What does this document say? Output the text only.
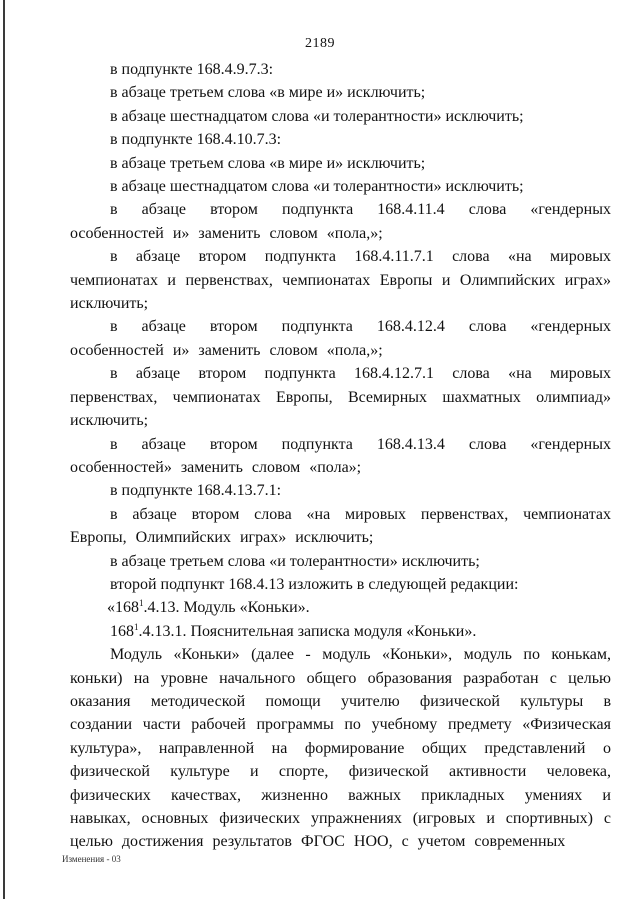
2189

в подпункте 168.4.9.7.3:

в абзаце третьем слова «в мире и» исключить;

в абзаце шестнадцатом слова «и толерантности» исключить;

в подпункте 168.4.10.7.3:

в абзаце третьем слова «в мире и» исключить;

в абзаце шестнадцатом слова «и толерантности» исключить;

в абзаце втором подпункта 168.4.11.4 слова «гендерных особенностей и» заменить словом «пола,»;

в абзаце втором подпункта 168.4.11.7.1 слова «на мировых чемпионатах и первенствах, чемпионатах Европы и Олимпийских играх» исключить;

в абзаце втором подпункта 168.4.12.4 слова «гендерных особенностей и» заменить словом «пола,»;

в абзаце втором подпункта 168.4.12.7.1 слова «на мировых первенствах, чемпионатах Европы, Всемирных шахматных олимпиад» исключить;

в абзаце втором подпункта 168.4.13.4 слова «гендерных особенностей» заменить словом «пола»;

в подпункте 168.4.13.7.1:

в абзаце втором слова «на мировых первенствах, чемпионатах Европы, Олимпийских играх» исключить;

в абзаце третьем слова «и толерантности» исключить;

второй подпункт 168.4.13 изложить в следующей редакции:

«$168^1.4.13$. Модуль «Коньки».

$168^1.4.13.1$. Пояснительная записка модуля «Коньки».

Модуль «Коньки» (далее - модуль «Коньки», модуль по конькам, коньки) на уровне начального общего образования разработан с целью оказания методической помощи учителю физической культуры в создании части рабочей программы по учебному предмету «Физическая культура», направленной на формирование общих представлений о физической культуре и спорте, физической активности человека, физических качествах, жизненно важных прикладных умениях и навыках, основных физических упражнениях (игровых и спортивных) с целью достижения результатов ФГОС НОО, с учетом современных

Изменения - 03
